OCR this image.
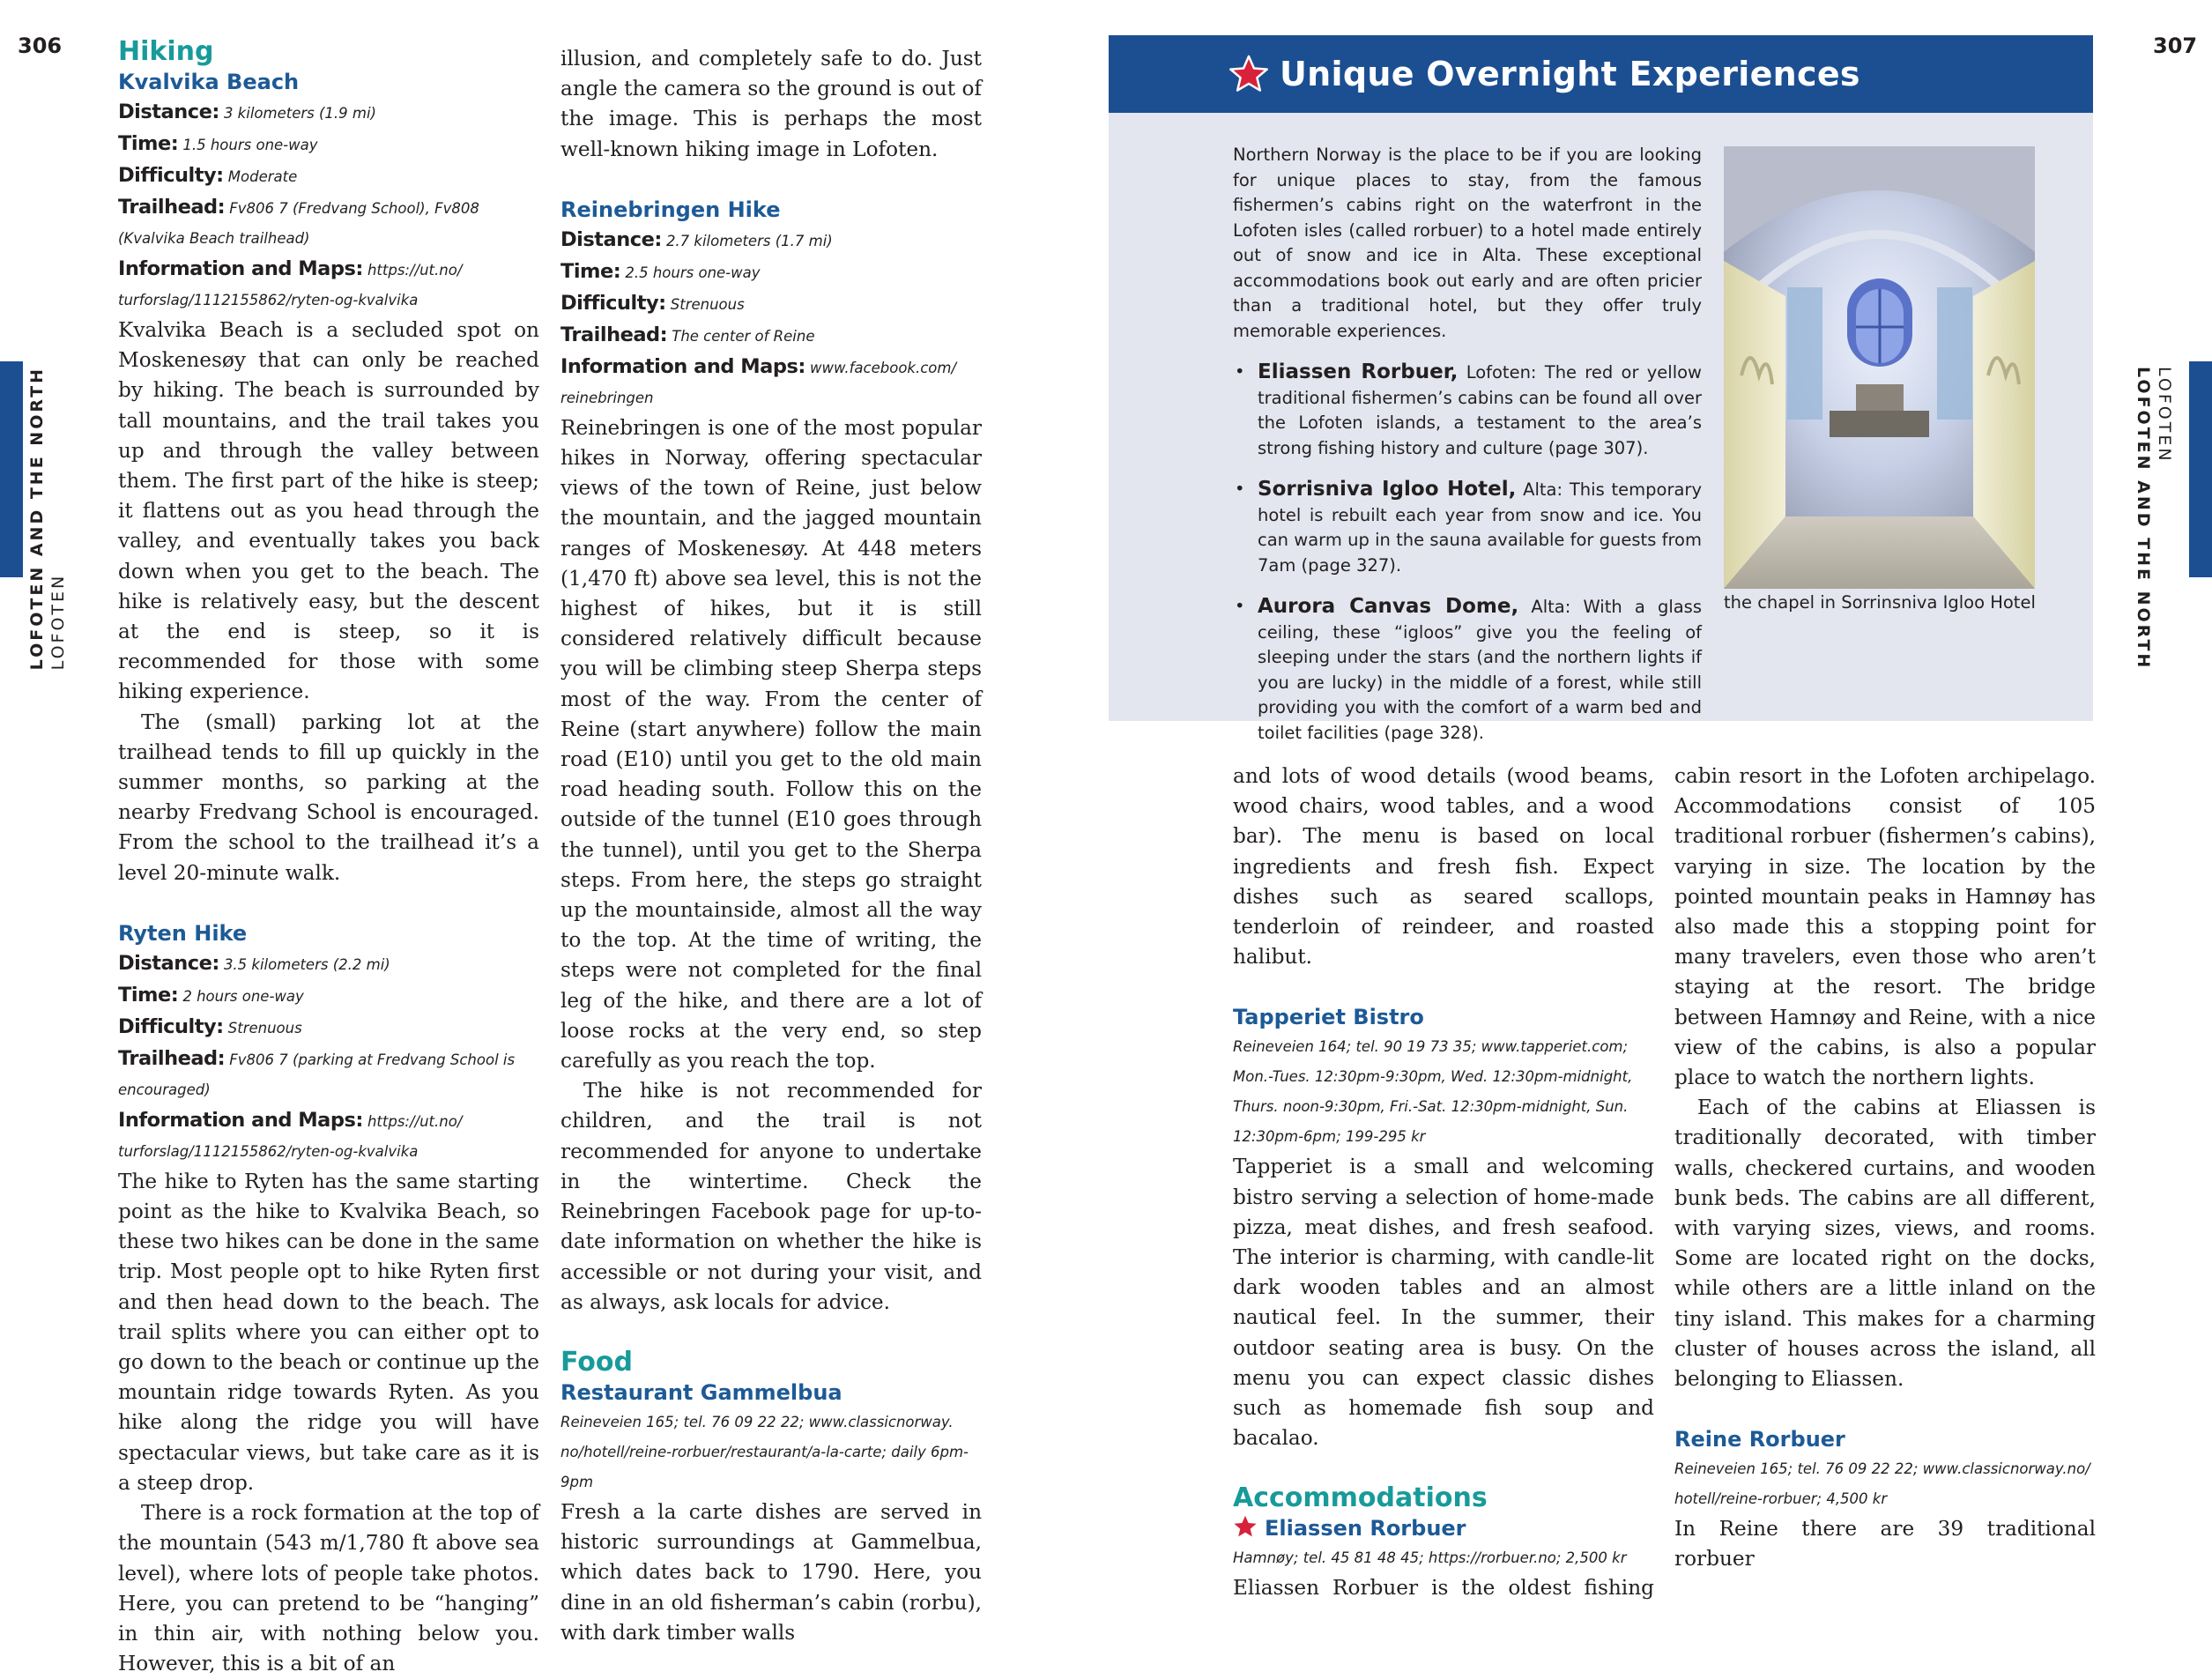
306	307
LOFOTEN AND THE NORTH LOFOTEN
LOFOTEN
LOFOTEN AND THE NORTH
Hiking
Kvalvika Beach
Distance: 3 kilometers (1.9 mi)
Time: 1.5 hours one-way
Difficulty: Moderate
Trailhead: Fv806 7 (Fredvang School), Fv808 (Kvalvika Beach trailhead)
Information and Maps: https://ut.no/ turforslag/1112155862/ryten-og-kvalvika

Kvalvika Beach is a secluded spot on Moskenesøy that can only be reached by hiking. The beach is surrounded by tall mountains, and the trail takes you up and through the valley between them. The first part of the hike is steep; it flattens out as you head through the valley, and eventually takes you back down when you get to the beach. The hike is relatively easy, but the descent at the end is steep, so it is recommended for those with some hiking experience.

The (small) parking lot at the trailhead tends to fill up quickly in the summer months, so parking at the nearby Fredvang School is encouraged. From the school to the trailhead it’s a level 20-minute walk.

Ryten Hike
Distance: 3.5 kilometers (2.2 mi)
Time: 2 hours one-way
Difficulty: Strenuous
Trailhead: Fv806 7 (parking at Fredvang School is encouraged)
Information and Maps: https://ut.no/ turforslag/1112155862/ryten-og-kvalvika

The hike to Ryten has the same starting point as the hike to Kvalvika Beach, so these two hikes can be done in the same trip. Most people opt to hike Ryten first and then head down to the beach. The trail splits where you can either opt to go down to the beach or continue up the mountain ridge towards Ryten. As you hike along the ridge you will have spectacular views, but take care as it is a steep drop.

There is a rock formation at the top of the mountain (543 m/1,780 ft above sea level), where lots of people take photos. Here, you can pretend to be “hanging” in thin air, with nothing below you. However, this is a bit of an

illusion, and completely safe to do. Just angle the camera so the ground is out of the image. This is perhaps the most well-known hiking image in Lofoten.

Reinebringen Hike
Distance: 2.7 kilometers (1.7 mi)
Time: 2.5 hours one-way
Difficulty: Strenuous
Trailhead: The center of Reine
Information and Maps: www.facebook.com/ reinebringen

Reinebringen is one of the most popular hikes in Norway, offering spectacular views of the town of Reine, just below the mountain, and the jagged mountain ranges of Moskenesøy. At 448 meters (1,470 ft) above sea level, this is not the highest of hikes, but it is still considered relatively difficult because you will be climbing steep Sherpa steps most of the way. From the center of Reine (start anywhere) follow the main road (E10) until you get to the old main road heading south. Follow this on the outside of the tunnel (E10 goes through the tunnel), until you get to the Sherpa steps. From here, the steps go straight up the mountainside, almost all the way to the top. At the time of writing, the steps were not completed for the final leg of the hike, and there are a lot of loose rocks at the very end, so step carefully as you reach the top.

The hike is not recommended for children, and the trail is not recommended for anyone to undertake in the wintertime. Check the Reinebringen Facebook page for up-to-date information on whether the hike is accessible or not during your visit, and as always, ask locals for advice.

Food
Restaurant Gammelbua
Reineveien 165; tel. 76 09 22 22; www.classicnorway. no/hotell/reine-rorbuer/restaurant/a-la-carte; daily 6pm-9pm

Fresh a la carte dishes are served in historic surroundings at Gammelbua, which dates back to 1790. Here, you dine in an old fisherman’s cabin (rorbu), with dark timber walls

Unique Overnight Experiences

Northern Norway is the place to be if you are looking for unique places to stay, from the famous fishermen’s cabins right on the waterfront in the Lofoten isles (called rorbuer) to a hotel made entirely out of snow and ice in Alta. These exceptional accommodations book out early and are often pricier than a traditional hotel, but they offer truly memorable experiences.

• Eliassen Rorbuer, Lofoten: The red or yellow traditional fishermen’s cabins can be found all over the Lofoten islands, a testament to the area’s strong fishing history and culture (page 307).
• Sorrisniva Igloo Hotel, Alta: This temporary hotel is rebuilt each year from snow and ice. You can warm up in the sauna available for guests from 7am (page 327).
• Aurora Canvas Dome, Alta: With a glass ceiling, these “igloos” give you the feeling of sleeping under the stars (and the northern lights if you are lucky) in the middle of a forest, while still providing you with the comfort of a warm bed and toilet facilities (page 328).
the chapel in Sorrinsniva Igloo Hotel

and lots of wood details (wood beams, wood chairs, wood tables, and a wood bar). The menu is based on local ingredients and fresh fish. Expect dishes such as seared scallops, tenderloin of reindeer, and roasted halibut.

Tapperiet Bistro
Reineveien 164; tel. 90 19 73 35; www.tapperiet.com; Mon.-Tues. 12:30pm-9:30pm, Wed. 12:30pm-midnight, Thurs. noon-9:30pm, Fri.-Sat. 12:30pm-midnight, Sun. 12:30pm-6pm; 199-295 kr

Tapperiet is a small and welcoming bistro serving a selection of home-made pizza, meat dishes, and fresh seafood. The interior is charming, with candle-lit dark wooden tables and an almost nautical feel. In the summer, their outdoor seating area is busy. On the menu you can expect classic dishes such as homemade fish soup and bacalao.

Accommodations
Eliassen Rorbuer
Hamnøy; tel. 45 81 48 45; https://rorbuer.no; 2,500 kr

Eliassen Rorbuer is the oldest fishing

cabin resort in the Lofoten archipelago. Accommodations consist of 105 traditional rorbuer (fishermen’s cabins), varying in size. The location by the pointed mountain peaks in Hamnøy has also made this a stopping point for many travelers, even those who aren’t staying at the resort. The bridge between Hamnøy and Reine, with a nice view of the cabins, is also a popular place to watch the northern lights.

Each of the cabins at Eliassen is traditionally decorated, with timber walls, checkered curtains, and wooden bunk beds. The cabins are all different, with varying sizes, views, and rooms. Some are located right on the docks, while others are a little inland on the tiny island. This makes for a charming cluster of houses across the island, all belonging to Eliassen.

Reine Rorbuer
Reineveien 165; tel. 76 09 22 22; www.classicnorway.no/ hotell/reine-rorbuer; 4,500 kr

In Reine there are 39 traditional rorbuer
